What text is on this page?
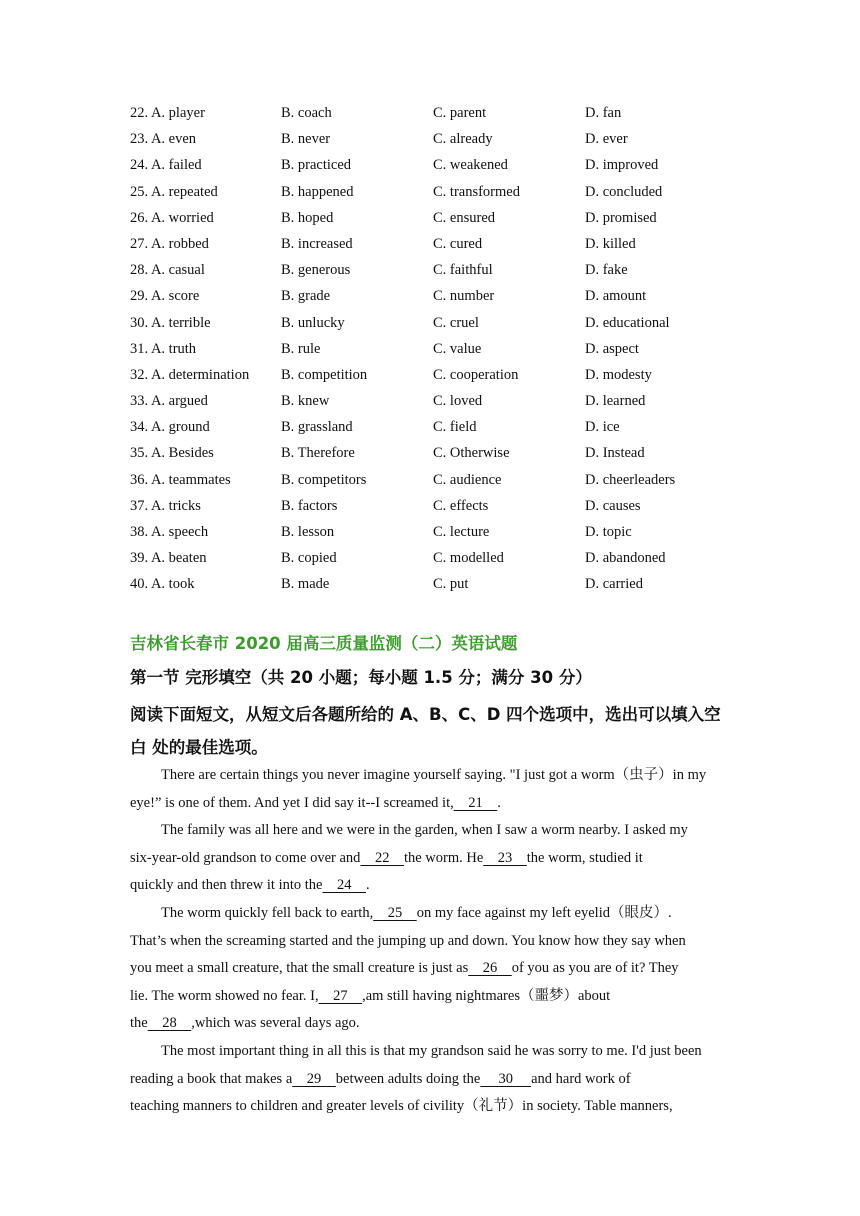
22. A. player	B. coach	C. parent	D. fan
23. A. even	B. never	C. already	D. ever
24. A. failed	B. practiced	C. weakened	D. improved
25. A. repeated	B. happened	C. transformed	D. concluded
26. A. worried	B. hoped	C. ensured	D. promised
27. A. robbed	B. increased	C. cured	D. killed
28. A. casual	B. generous	C. faithful	D. fake
29. A. score	B. grade	C. number	D. amount
30. A. terrible	B. unlucky	C. cruel	D. educational
31. A. truth	B. rule	C. value	D. aspect
32. A. determination	B. competition	C. cooperation	D. modesty
33. A. argued	B. knew	C. loved	D. learned
34. A. ground	B. grassland	C. field	D. ice
35. A. Besides	B. Therefore	C. Otherwise	D. Instead
36. A. teammates	B. competitors	C. audience	D. cheerleaders
37. A. tricks	B. factors	C. effects	D. causes
38. A. speech	B. lesson	C. lecture	D. topic
39. A. beaten	B. copied	C. modelled	D. abandoned
40. A. took	B. made	C. put	D. carried
吉林省长春市 2020 届高三质量监测（二）英语试题
第一节 完形填空（共 20 小题；每小题 1.5 分；满分 30 分）
阅读下面短文，从短文后各题所给的 A、B、C、D 四个选项中，选出可以填入空白 处的最佳选项。
There are certain things you never imagine yourself saying. "I just got a worm（虫子）in my
eye!” is one of them. And yet I did say it--I screamed it,    21    .
The family was all here and we were in the garden, when I saw a worm nearby. I asked my
six-year-old grandson to come over and    22    the worm. He    23    the worm, studied it
quickly and then threw it into the    24    .
The worm quickly fell back to earth,    25    on my face against my left eyelid（眼皮）.
That’s when the screaming started and the jumping up and down. You know how they say when
you meet a small creature, that the small creature is just as    26    of you as you are of it? They
lie. The worm showed no fear. I,    27    ,am still having nightmares（噩梦）about
the    28    ,which was several days ago.
The most important thing in all this is that my grandson said he was sorry to me. I'd just been
reading a book that makes a    29    between adults doing the     30     and hard work of
teaching manners to children and greater levels of civility（礼节）in society. Table manners,
